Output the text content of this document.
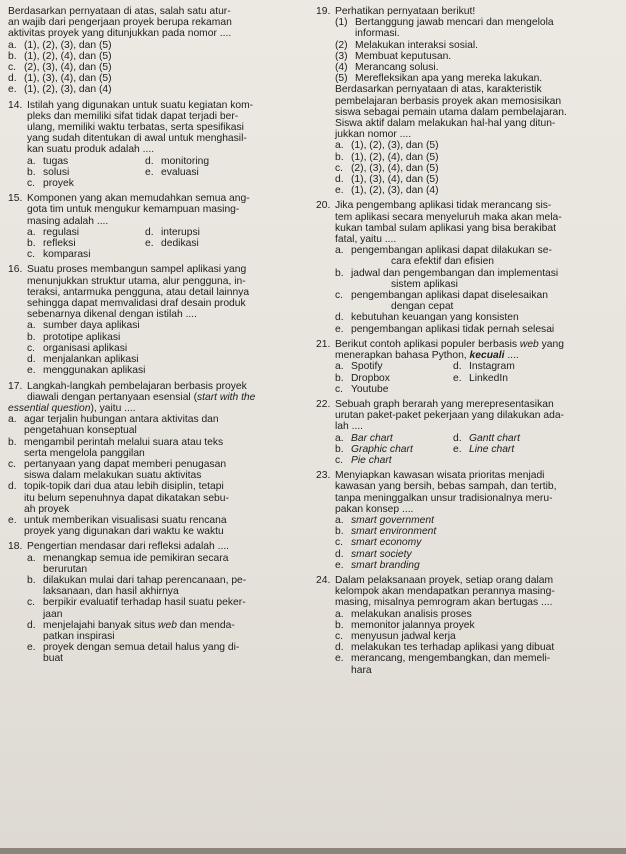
Berdasarkan pernyataan di atas, salah satu atur-
an wajib dari pengerjaan proyek berupa rekaman
aktivitas proyek yang ditunjukkan pada nomor ....
a. (1), (2), (3), dan (5)
b. (1), (2), (4), dan (5)
c. (2), (3), (4), dan (5)
d. (1), (3), (4), dan (5)
e. (1), (2), (3), dan (4)
14. Istilah yang digunakan untuk suatu kegiatan kom-
pleks dan memiliki sifat tidak dapat terjadi ber-
ulang, memiliki waktu terbatas, serta spesifikasi
yang sudah ditentukan di awal untuk menghasil-
kan suatu produk adalah ....
a. tugas	d. monitoring
b. solusi	e. evaluasi
c. proyek
15. Komponen yang akan memudahkan semua ang-
gota tim untuk mengukur kemampuan masing-
masing adalah ....
a. regulasi	d. interupsi
b. refleksi	e. dedikasi
c. komparasi
16. Suatu proses membangun sampel aplikasi yang
menunjukkan struktur utama, alur pengguna, in-
teraksi, antarmuka pengguna, atau detail lainnya
sehingga dapat memvalidasi draf desain produk
sebenarnya dikenal dengan istilah ....
a. sumber daya aplikasi
b. prototipe aplikasi
c. organisasi aplikasi
d. menjalankan aplikasi
e. menggunakan aplikasi
17. Langkah-langkah pembelajaran berbasis proyek
diawali dengan pertanyaan esensial (start with the
essential question), yaitu ....
a. agar terjalin hubungan antara aktivitas dan
pengetahuan konseptual
b. mengambil perintah melalui suara atau teks
serta mengelola panggilan
c. pertanyaan yang dapat memberi penugasan
siswa dalam melakukan suatu aktivitas
d. topik-topik dari dua atau lebih disiplin, tetapi
itu belum sepenuhnya dapat dikatakan sebu-
ah proyek
e. untuk memberikan visualisasi suatu rencana
proyek yang digunakan dari waktu ke waktu
18. Pengertian mendasar dari refleksi adalah ....
a. menangkap semua ide pemikiran secara
berurutan
b. dilakukan mulai dari tahap perencanaan, pe-
laksanaan, dan hasil akhirnya
c. berpikir evaluatif terhadap hasil suatu peker-
jaan
d. menjelajahi banyak situs web dan menda-
patkan inspirasi
e. proyek dengan semua detail halus yang di-
buat
19. Perhatikan pernyataan berikut!
(1) Bertanggung jawab mencari dan mengelola
informasi.
(2) Melakukan interaksi sosial.
(3) Membuat keputusan.
(4) Merancang solusi.
(5) Merefleksikan apa yang mereka lakukan.
Berdasarkan pernyataan di atas, karakteristik
pembelajaran berbasis proyek akan memosisikan
siswa sebagai pemain utama dalam pembelajaran.
Siswa aktif dalam melakukan hal-hal yang ditun-
jukkan nomor ....
a. (1), (2), (3), dan (5)
b. (1), (2), (4), dan (5)
c. (2), (3), (4), dan (5)
d. (1), (3), (4), dan (5)
e. (1), (2), (3), dan (4)
20. Jika pengembang aplikasi tidak merancang sis-
tem aplikasi secara menyeluruh maka akan mela-
kukan tambal sulam aplikasi yang bisa berakibat
fatal, yaitu ....
a. pengembangan aplikasi dapat dilakukan se-
cara efektif dan efisien
b. jadwal dan pengembangan dan implementasi
sistem aplikasi
c. pengembangan aplikasi dapat diselesaikan
dengan cepat
d. kebutuhan keuangan yang konsisten
e. pengembangan aplikasi tidak pernah selesai
21. Berikut contoh aplikasi populer berbasis web yang
menerapkan bahasa Python, kecuali ....
a. Spotify	d. Instagram
b. Dropbox	e. LinkedIn
c. Youtube
22. Sebuah graph berarah yang merepresentasikan
urutan paket-paket pekerjaan yang dilakukan ada-
lah ....
a. Bar chart	d. Gantt chart
b. Graphic chart	e. Line chart
c. Pie chart
23. Menyiapkan kawasan wisata prioritas menjadi
kawasan yang bersih, bebas sampah, dan tertib,
tanpa meninggalkan unsur tradisionalnya meru-
pakan konsep ....
a. smart government
b. smart environment
c. smart economy
d. smart society
e. smart branding
24. Dalam pelaksanaan proyek, setiap orang dalam
kelompok akan mendapatkan perannya masing-
masing, misalnya pemrogram akan bertugas ....
a. melakukan analisis proses
b. memonitor jalannya proyek
c. menyusun jadwal kerja
d. melakukan tes terhadap aplikasi yang dibuat
e. merancang, mengembangkan, dan memeli-
hara
